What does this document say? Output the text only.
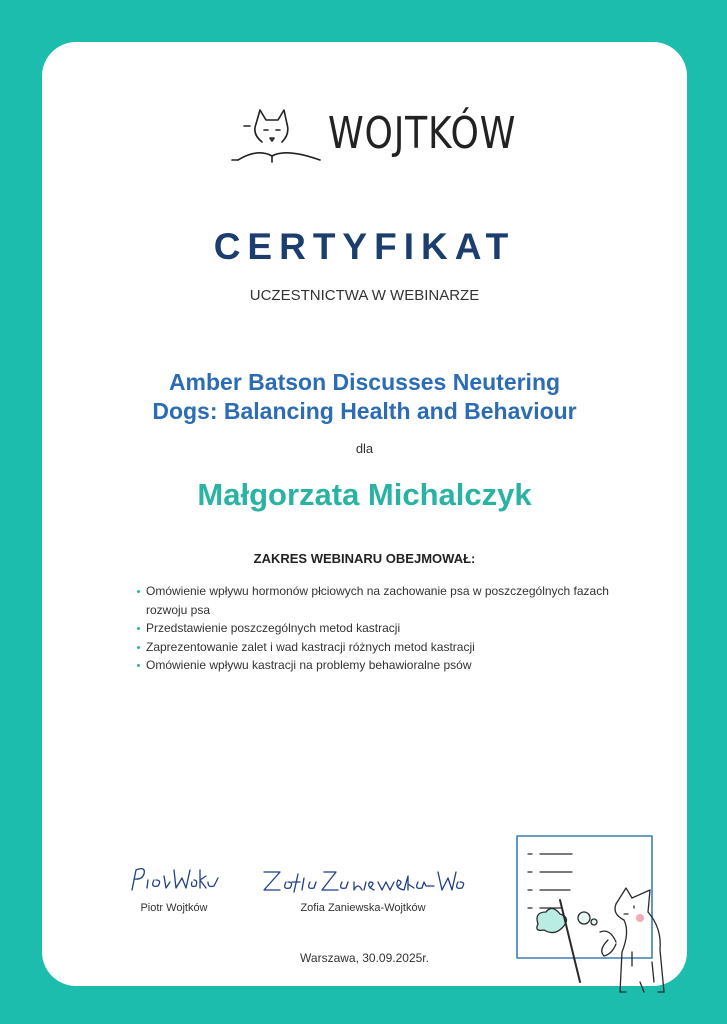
WOJTKÓW
CERTYFIKAT
UCZESTNICTWA W WEBINARZE
Amber Batson Discusses Neutering
Dogs: Balancing Health and Behaviour
dla
Małgorzata Michalczyk
ZAKRES WEBINARU OBEJMOWAŁ:
Omówienie wpływu hormonów płciowych na zachowanie psa w poszczególnych fazach rozwoju psa
Przedstawienie poszczególnych metod kastracji
Zaprezentowanie zalet i wad kastracji różnych metod kastracji
Omówienie wpływu kastracji na problemy behawioralne psów
Piotr Wojtków	Zofia Zaniewska-Wojtków
Warszawa, 30.09.2025r.
